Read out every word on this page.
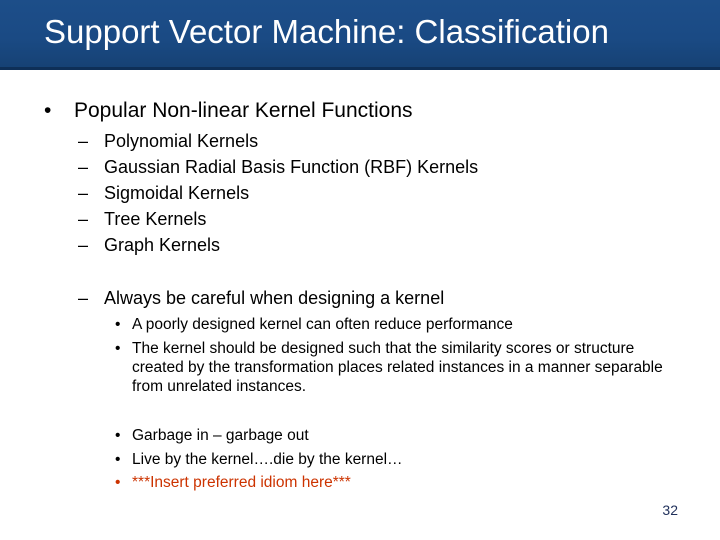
Support Vector Machine: Classification
• Popular Non-linear Kernel Functions
– Polynomial Kernels
– Gaussian Radial Basis Function (RBF) Kernels
– Sigmoidal Kernels
– Tree Kernels
– Graph Kernels
– Always be careful when designing a kernel
• A poorly designed kernel can often reduce performance
• The kernel should be designed such that the similarity scores or structure created by the transformation places related instances in a manner separable from unrelated instances.
• Garbage in – garbage out
• Live by the kernel….die by the kernel…
• ***Insert preferred idiom here***
32
